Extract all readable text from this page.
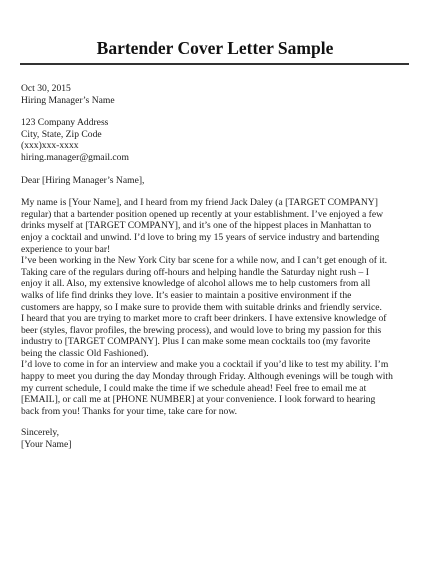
Bartender Cover Letter Sample
Oct 30, 2015
Hiring Manager’s Name
123 Company Address
City, State, Zip Code
(xxx)xxx-xxxx
hiring.manager@gmail.com
Dear [Hiring Manager’s Name],

My name is [Your Name], and I heard from my friend Jack Daley (a [TARGET COMPANY]
regular) that a bartender position opened up recently at your establishment. I’ve enjoyed a few
drinks myself at [TARGET COMPANY], and it’s one of the hippest places in Manhattan to
enjoy a cocktail and unwind. I’d love to bring my 15 years of service industry and bartending
experience to your bar!

I’ve been working in the New York City bar scene for a while now, and I can’t get enough of it.
Taking care of the regulars during off-hours and helping handle the Saturday night rush – I
enjoy it all. Also, my extensive knowledge of alcohol allows me to help customers from all
walks of life find drinks they love. It’s easier to maintain a positive environment if the
customers are happy, so I make sure to provide them with suitable drinks and friendly service.

I heard that you are trying to market more to craft beer drinkers. I have extensive knowledge of
beer (styles, flavor profiles, the brewing process), and would love to bring my passion for this
industry to [TARGET COMPANY]. Plus I can make some mean cocktails too (my favorite
being the classic Old Fashioned).

I’d love to come in for an interview and make you a cocktail if you’d like to test my ability. I’m
happy to meet you during the day Monday through Friday. Although evenings will be tough with
my current schedule, I could make the time if we schedule ahead! Feel free to email me at
[EMAIL], or call me at [PHONE NUMBER] at your convenience. I look forward to hearing
back from you! Thanks for your time, take care for now.

Sincerely,
[Your Name]
